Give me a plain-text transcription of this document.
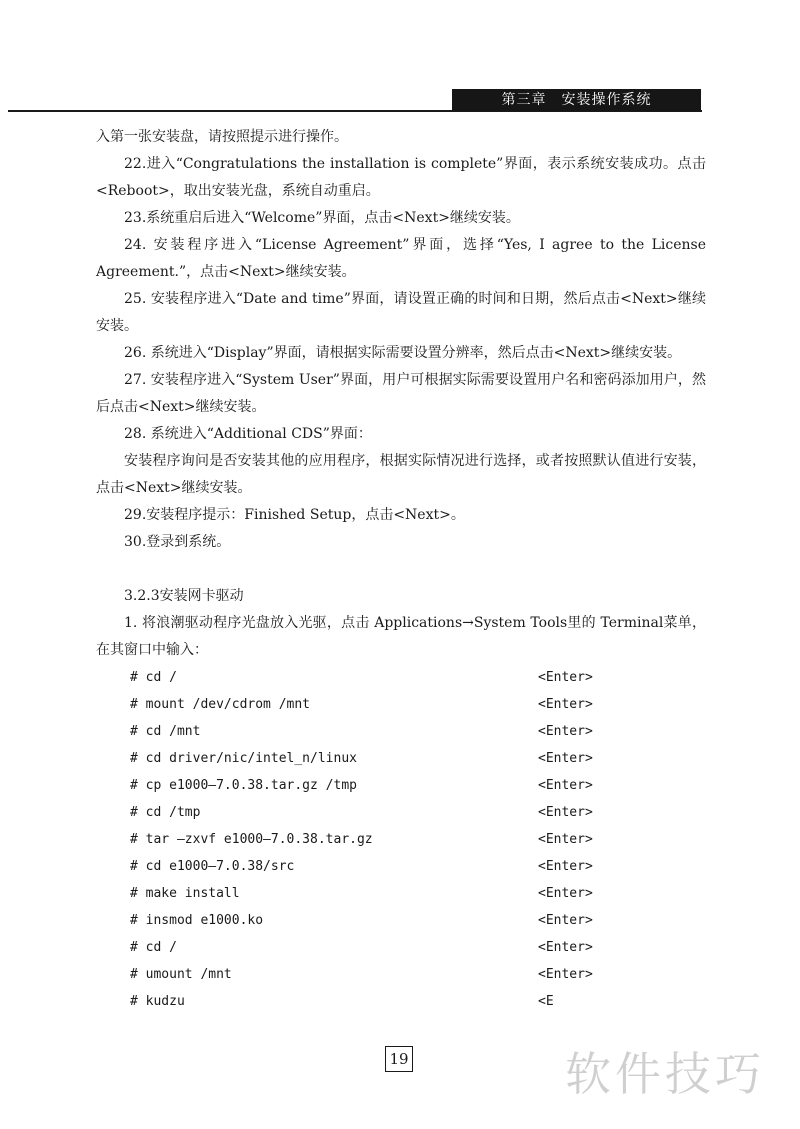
第三章　安装操作系统

入第一张安装盘，请按照提示进行操作。

22.进入“Congratulations the installation is complete”界面，表示系统安装成功。点击<Reboot>，取出安装光盘，系统自动重启。

23.系统重启后进入“Welcome”界面，点击<Next>继续安装。

24. 安装程序进入“License Agreement”界面，选择“Yes, I agree to the License Agreement.”，点击<Next>继续安装。

25. 安装程序进入“Date and time”界面，请设置正确的时间和日期，然后点击<Next>继续安装。

26. 系统进入“Display”界面，请根据实际需要设置分辨率，然后点击<Next>继续安装。

27. 安装程序进入“System User”界面，用户可根据实际需要设置用户名和密码添加用户，然后点击<Next>继续安装。

28. 系统进入“Additional CDS”界面：

安装程序询问是否安装其他的应用程序，根据实际情况进行选择，或者按照默认值进行安装，点击<Next>继续安装。

29.安装程序提示：Finished Setup，点击<Next>。

30.登录到系统。

3.2.3安装网卡驱动

1. 将浪潮驱动程序光盘放入光驱，点击 Applications→System Tools里的 Terminal菜单，在其窗口中输入：

# cd /	<Enter>
# mount /dev/cdrom /mnt	<Enter>
# cd /mnt	<Enter>
# cd driver/nic/intel_n/linux	<Enter>
# cp e1000—7.0.38.tar.gz /tmp	<Enter>
# cd /tmp	<Enter>
# tar —zxvf e1000—7.0.38.tar.gz	<Enter>
# cd e1000—7.0.38/src	<Enter>
# make install	<Enter>
# insmod e1000.ko	<Enter>
# cd /	<Enter>
# umount /mnt	<Enter>
# kudzu	<E
19	软件技巧
